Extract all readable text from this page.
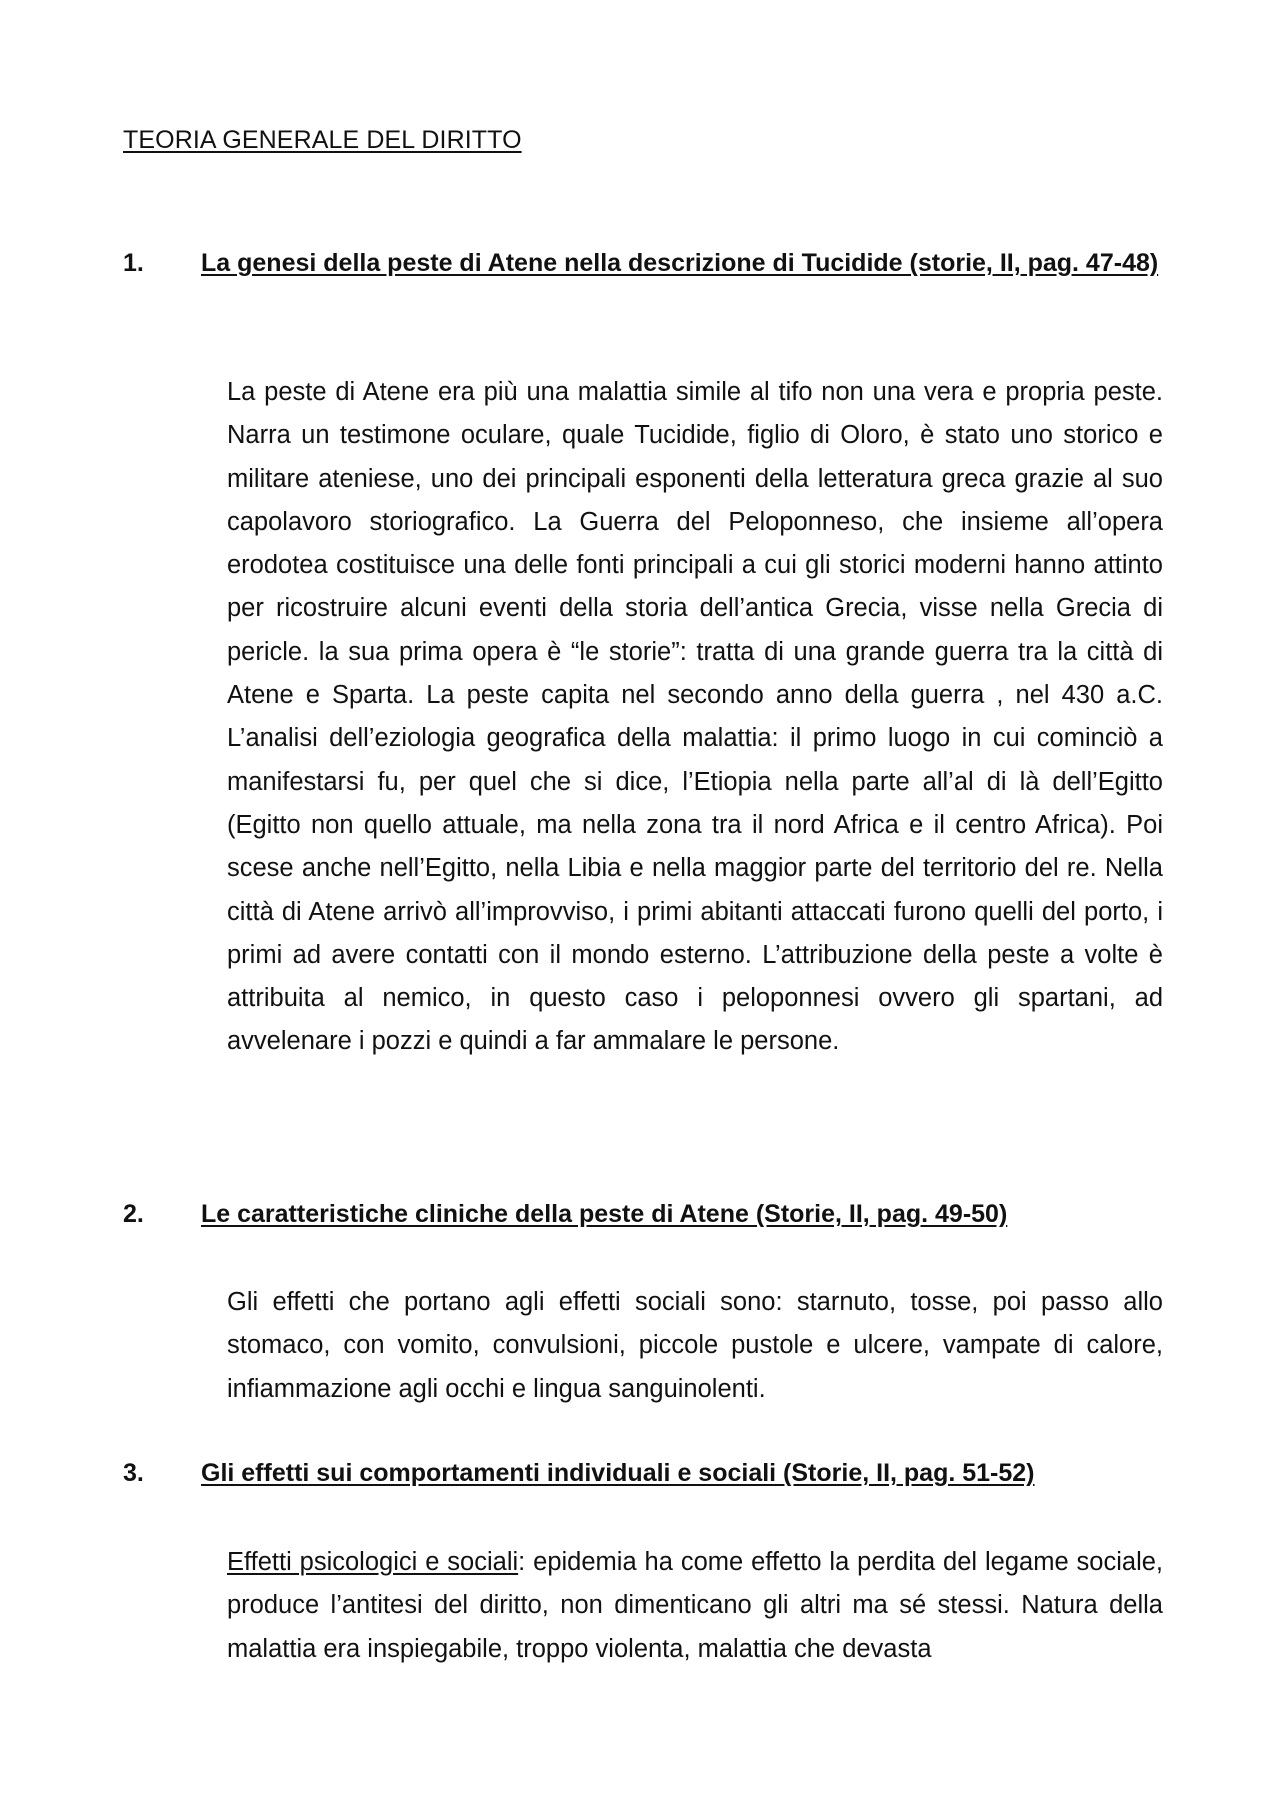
TEORIA GENERALE DEL DIRITTO
1.	La genesi della peste di Atene nella descrizione di Tucidide (storie, II, pag. 47-48)

La peste di Atene era più una malattia simile al tifo non una vera e propria peste. Narra un testimone oculare, quale Tucidide, figlio di Oloro, è stato uno storico e militare ateniese, uno dei principali esponenti della letteratura greca grazie al suo capolavoro storiografico. La Guerra del Peloponneso, che insieme all’opera erodotea costituisce una delle fonti principali a cui gli storici moderni hanno attinto per ricostruire alcuni eventi della storia dell’antica Grecia, visse nella Grecia di pericle. la sua prima opera è “le storie”: tratta di una grande guerra tra la città di Atene e Sparta. La peste capita nel secondo anno della guerra , nel 430 a.C. L’analisi dell’eziologia geografica della malattia: il primo luogo in cui cominciò a manifestarsi fu, per quel che si dice, l’Etiopia nella parte all’al di là dell’Egitto (Egitto non quello attuale, ma nella zona tra il nord Africa e il centro Africa). Poi scese anche nell’Egitto, nella Libia e nella maggior parte del territorio del re. Nella città di Atene arrivò all’improvviso, i primi abitanti attaccati furono quelli del porto, i primi ad avere contatti con il mondo esterno. L’attribuzione della peste a volte è attribuita al nemico, in questo caso i peloponnesi ovvero gli spartani, ad avvelenare i pozzi e quindi a far ammalare le persone.

2.	Le caratteristiche cliniche della peste di Atene (Storie, II, pag. 49-50)

Gli effetti che portano agli effetti sociali sono: starnuto, tosse, poi passo allo stomaco, con vomito, convulsioni, piccole pustole e ulcere, vampate di calore, infiammazione agli occhi e lingua sanguinolenti.

3.	Gli effetti sui comportamenti individuali e sociali (Storie, II, pag. 51-52)

Effetti psicologici e sociali: epidemia ha come effetto la perdita del legame sociale, produce l’antitesi del diritto, non dimenticano gli altri ma sé stessi. Natura della malattia era inspiegabile, troppo violenta, malattia che devasta
